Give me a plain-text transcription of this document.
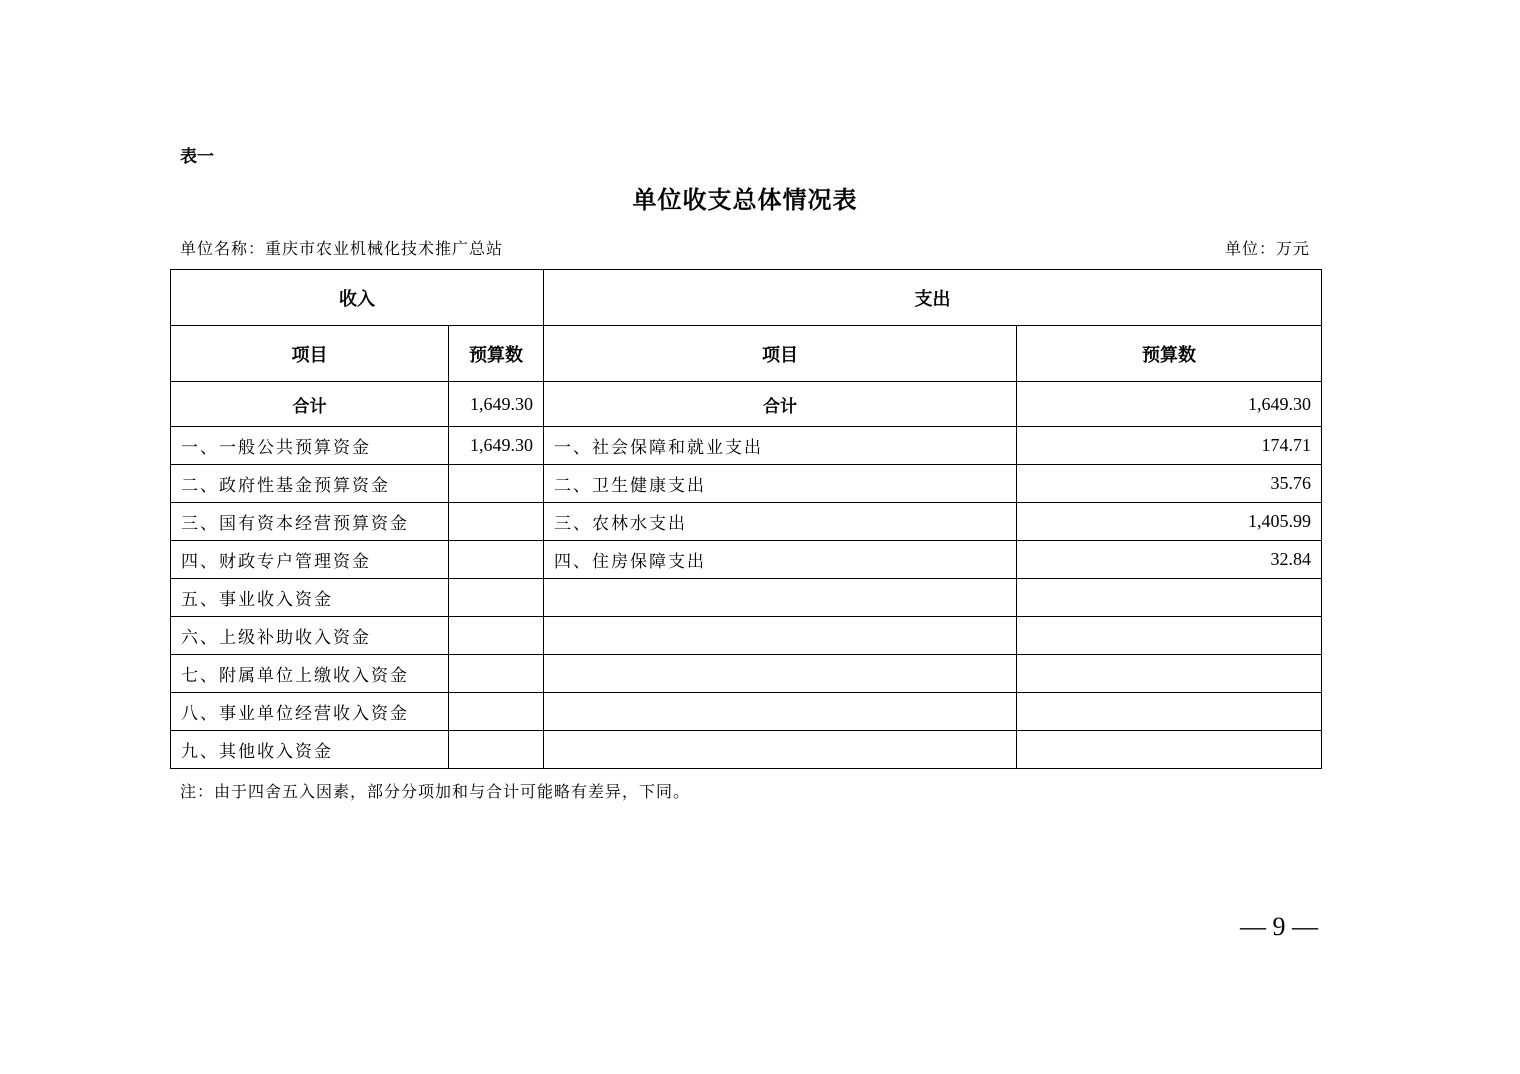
表一
单位收支总体情况表
单位名称：重庆市农业机械化技术推广总站	单位：万元
收入		支出	
项目	预算数	项目	预算数
合计	1,649.30	合计	1,649.30
一、一般公共预算资金	1,649.30	一、社会保障和就业支出	174.71
二、政府性基金预算资金		二、卫生健康支出	35.76
三、国有资本经营预算资金		三、农林水支出	1,405.99
四、财政专户管理资金		四、住房保障支出	32.84
五、事业收入资金			
六、上级补助收入资金			
七、附属单位上缴收入资金			
八、事业单位经营收入资金			
九、其他收入资金			
注：由于四舍五入因素，部分分项加和与合计可能略有差异，下同。
— 9 —
